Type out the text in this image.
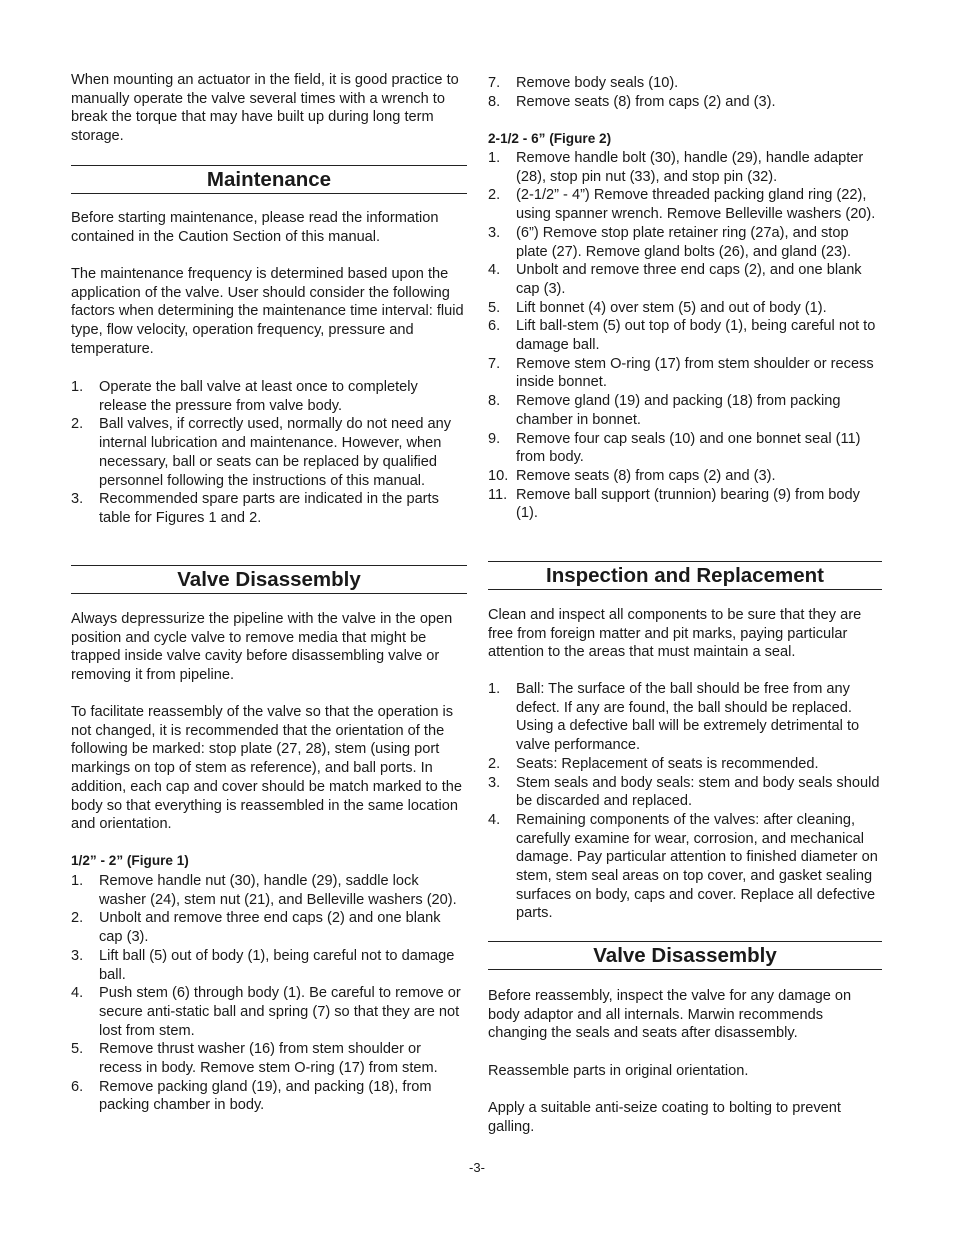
When mounting an actuator in the field, it is good practice to manually operate the valve several times with a wrench to break the torque that may have built up during long term storage.

Maintenance

Before starting maintenance, please read the information contained in the Caution Section of this manual.

The maintenance frequency is determined based upon the application of the valve. User should consider the following factors when determining the maintenance time interval: fluid type, flow velocity, operation frequency, pressure and temperature.

1. Operate the ball valve at least once to completely release the pressure from valve body.
2. Ball valves, if correctly used, normally do not need any internal lubrication and maintenance. However, when necessary, ball or seats can be replaced by qualified personnel following the instructions of this manual.
3. Recommended spare parts are indicated in the parts table for Figures 1 and 2.
Valve Disassembly

Always depressurize the pipeline with the valve in the open position and cycle valve to remove media that might be trapped inside valve cavity before disassembling valve or removing it from pipeline.

To facilitate reassembly of the valve so that the operation is not changed, it is recommended that the orientation of the following be marked: stop plate (27, 28), stem (using port markings on top of stem as reference), and ball ports. In addition, each cap and cover should be match marked to the body so that everything is reassembled in the same location and orientation.

1/2” - 2” (Figure 1)
1. Remove handle nut (30), handle (29), saddle lock washer (24), stem nut (21), and Belleville washers (20).
2. Unbolt and remove three end caps (2) and one blank cap (3).
3. Lift ball (5) out of body (1), being careful not to damage ball.
4. Push stem (6) through body (1). Be careful to remove or secure anti-static ball and spring (7) so that they are not lost from stem.
5. Remove thrust washer (16) from stem shoulder or recess in body. Remove stem O-ring (17) from stem.
6. Remove packing gland (19), and packing (18), from packing chamber in body.
7. Remove body seals (10).
8. Remove seats (8) from caps (2) and (3).
2-1/2 - 6” (Figure 2)
1. Remove handle bolt (30), handle (29), handle adapter (28), stop pin nut (33), and stop pin (32).
2. (2-1/2” - 4”) Remove threaded packing gland ring (22), using spanner wrench. Remove Belleville washers (20).
3. (6”) Remove stop plate retainer ring (27a), and stop plate (27). Remove gland bolts (26), and gland (23).
4. Unbolt and remove three end caps (2), and one blank cap (3).
5. Lift bonnet (4) over stem (5) and out of body (1).
6. Lift ball-stem (5) out top of body (1), being careful not to damage ball.
7. Remove stem O-ring (17) from stem shoulder or recess inside bonnet.
8. Remove gland (19) and packing (18) from packing chamber in bonnet.
9. Remove four cap seals (10) and one bonnet seal (11) from body.
10. Remove seats (8) from caps (2) and (3).
11. Remove ball support (trunnion) bearing (9) from body (1).
Inspection and Replacement

Clean and inspect all components to be sure that they are free from foreign matter and pit marks, paying particular attention to the areas that must maintain a seal.

1. Ball: The surface of the ball should be free from any defect. If any are found, the ball should be replaced. Using a defective ball will be extremely detrimental to valve performance.
2. Seats: Replacement of seats is recommended.
3. Stem seals and body seals: stem and body seals should be discarded and replaced.
4. Remaining components of the valves: after cleaning, carefully examine for wear, corrosion, and mechanical damage. Pay particular attention to finished diameter on stem, stem seal areas on top cover, and gasket sealing surfaces on body, caps and cover. Replace all defective parts.
Valve Disassembly

Before reassembly, inspect the valve for any damage on body adaptor and all internals. Marwin recommends changing the seals and seats after disassembly.

Reassemble parts in original orientation.

Apply a suitable anti-seize coating to bolting to prevent galling.

-3-
